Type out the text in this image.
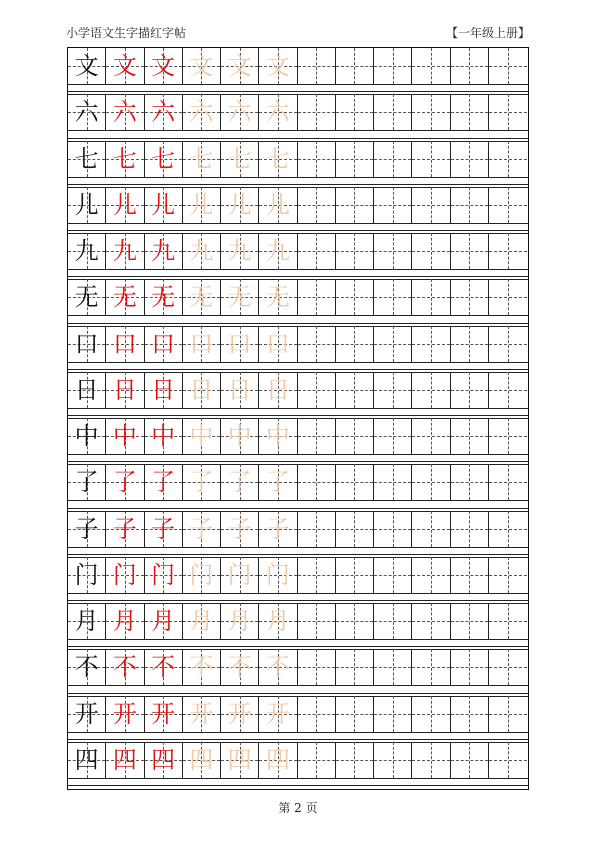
小学语文生字描红字帖	【一年级上册】
文 文 文 文 文 文
六 六 六 六 六 六
七 七 七 七 七 七
儿 儿 儿 儿 儿 儿
九 九 九 九 九 九
无 无 无 无 无 无
口 口 口 口 口 口
日 日 日 日 日 日
中 中 中 中 中 中
了 了 了 了 了 了
子 子 子 子 子 子
门 门 门 门 门 门
月 月 月 月 月 月
不 不 不 不 不 不
开 开 开 开 开 开
四 四 四 四 四 四
第 2 页
